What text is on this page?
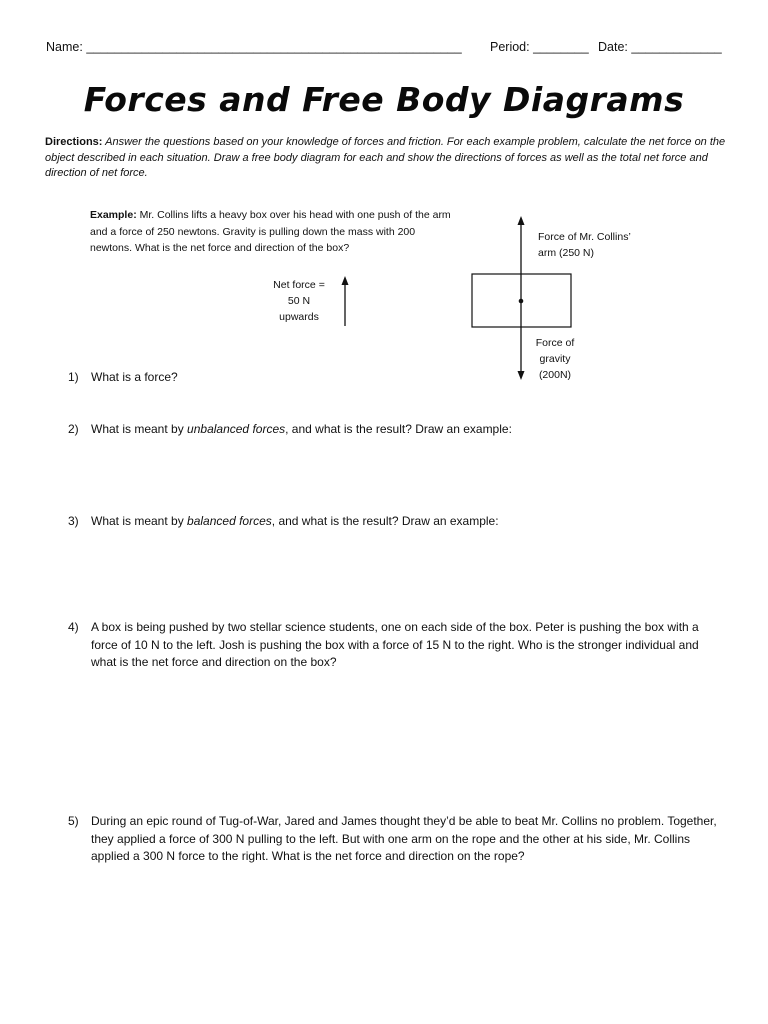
Name: ______________________________________________________ Period: ________ Date: _____________
Forces and Free Body Diagrams
Directions: Answer the questions based on your knowledge of forces and friction. For each example problem, calculate the net force on the object described in each situation. Draw a free body diagram for each and show the directions of forces as well as the total net force and direction of net force.
Example: Mr. Collins lifts a heavy box over his head with one push of the arm and a force of 250 newtons. Gravity is pulling down the mass with 200 newtons. What is the net force and direction of the box?
Net force =
50 N
upwards
Force of Mr. Collins’
arm (250 N)
Force of
gravity
(200N)
1)	What is a force?
2)	What is meant by unbalanced forces, and what is the result? Draw an example:
3)	What is meant by balanced forces, and what is the result? Draw an example:
4)	A box is being pushed by two stellar science students, one on each side of the box. Peter is pushing the box with a force of 10 N to the left. Josh is pushing the box with a force of 15 N to the right. Who is the stronger individual and what is the net force and direction on the box?
5)	During an epic round of Tug-of-War, Jared and James thought they’d be able to beat Mr. Collins no problem. Together, they applied a force of 300 N pulling to the left. But with one arm on the rope and the other at his side, Mr. Collins applied a 300 N force to the right. What is the net force and direction on the rope?
